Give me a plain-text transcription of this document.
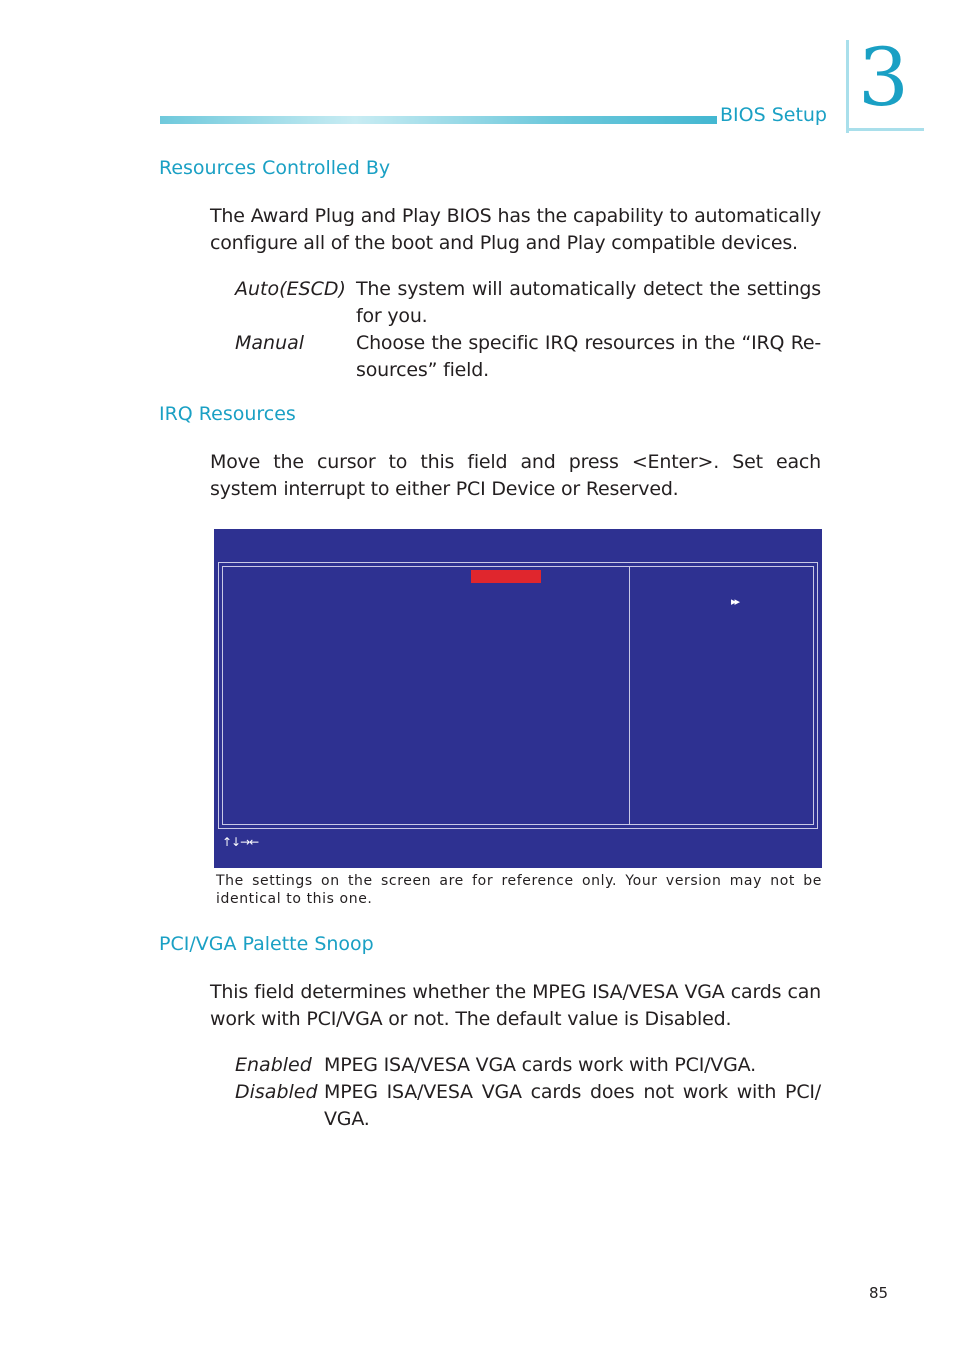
BIOS Setup 3
Resources Controlled By
The Award Plug and Play BIOS has the capability to automatically configure all of the boot and Plug and Play compatible devices.
Auto(ESCD) The system will automatically detect the settings for you.
Manual	Choose the specific IRQ resources in the “IRQ Re-sources” field.
IRQ Resources
Move the cursor to this field and press <Enter>. Set each system interrupt to either PCI Device or Reserved.
▸▸
↑↓→←
The settings on the screen are for reference only. Your version may not be identical to this one.
PCI/VGA Palette Snoop
This field determines whether the MPEG ISA/VESA VGA cards can work with PCI/VGA or not. The default value is Disabled.
Enabled MPEG ISA/VESA VGA cards work with PCI/VGA.
Disabled MPEG ISA/VESA VGA cards does not work with PCI/ VGA.
85
